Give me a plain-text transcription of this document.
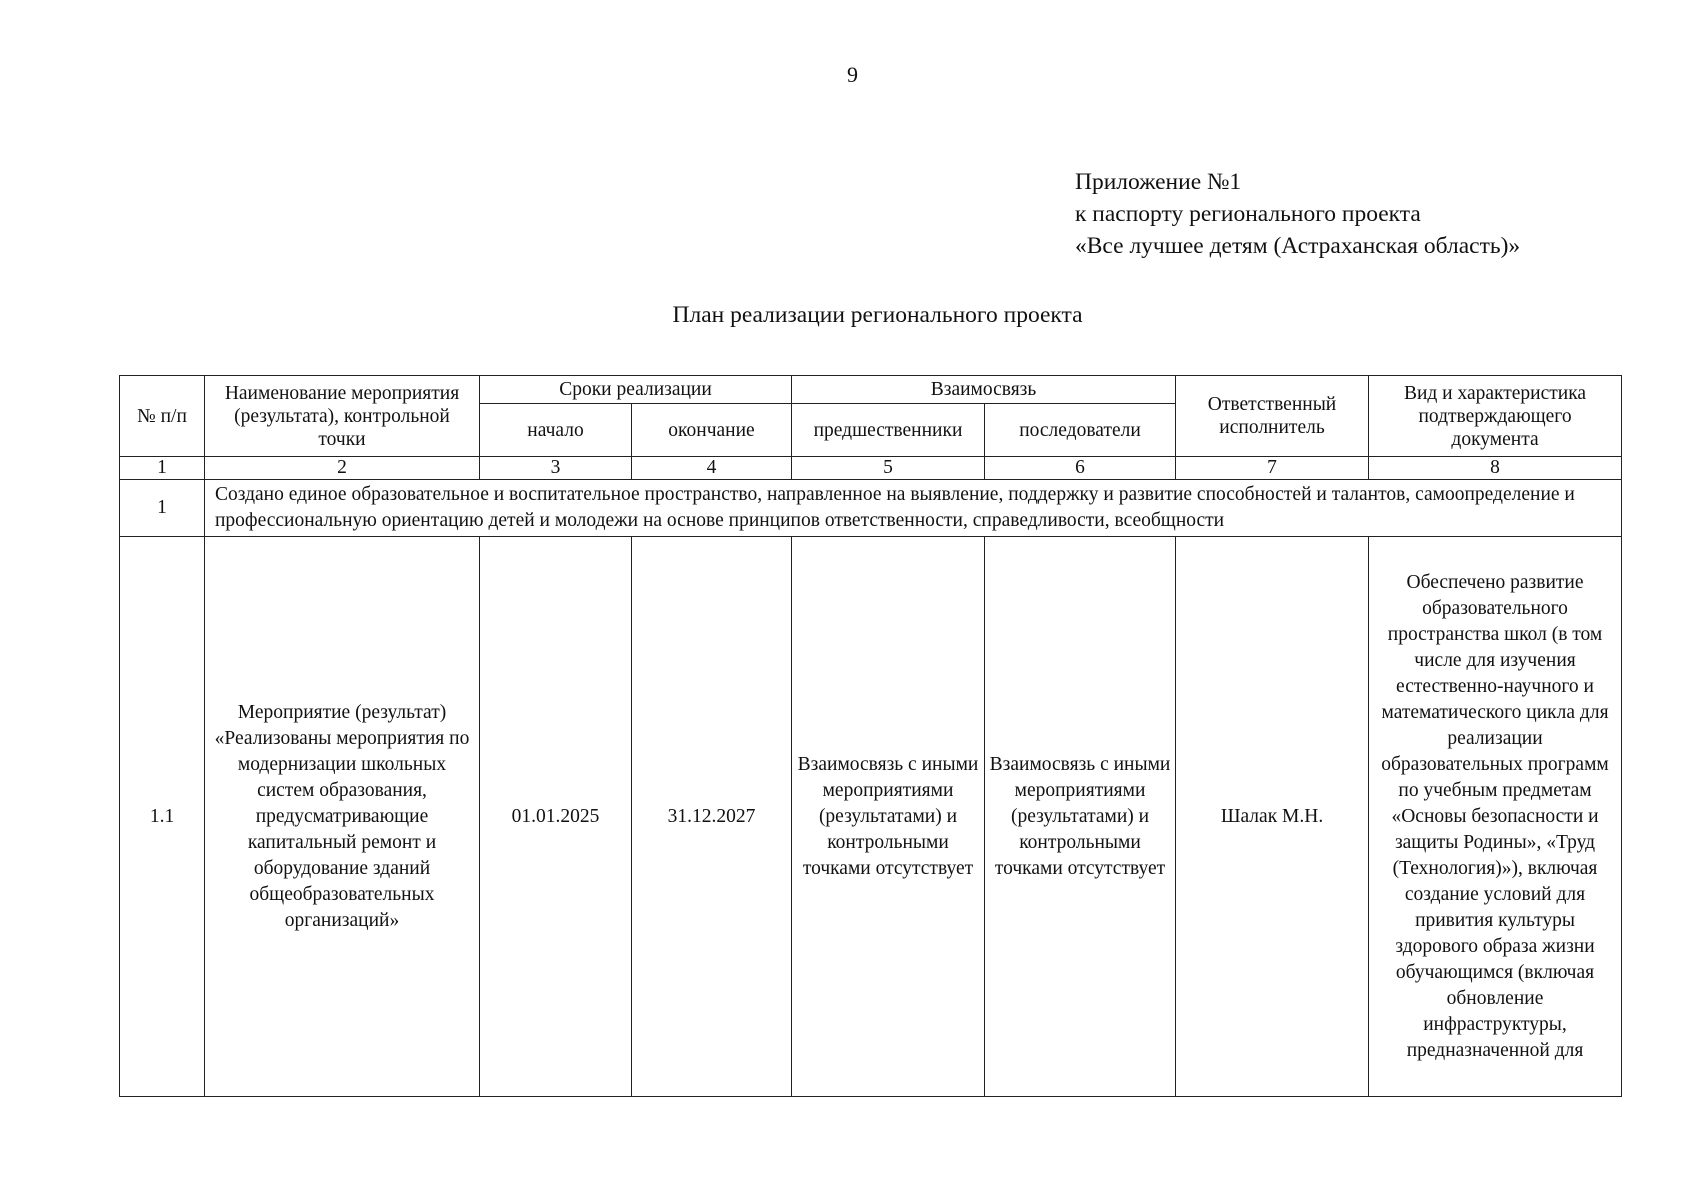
9
Приложение №1
к паспорту регионального проекта
«Все лучшее детям (Астраханская область)»
План реализации регионального проекта
№ п/п	Наименование мероприятия (результата), контрольной точки	Сроки реализации		Взаимосвязь		Ответственный исполнитель	Вид и характеристика подтверждающего документа
		начало	окончание	предшественники	последователи		
1	2	3	4	5	6	7	8
1	Создано единое образовательное и воспитательное пространство, направленное на выявление, поддержку и развитие способностей и талантов, самоопределение и профессиональную ориентацию детей и молодежи на основе принципов ответственности, справедливости, всеобщности						
1.1	Мероприятие (результат) «Реализованы мероприятия по модернизации школьных систем образования, предусматривающие капитальный ремонт и оборудование зданий общеобразовательных организаций»	01.01.2025	31.12.2027	Взаимосвязь с иными мероприятиями (результатами) и контрольными точками отсутствует	Взаимосвязь с иными мероприятиями (результатами) и контрольными точками отсутствует	Шалак М.Н.	Обеспечено развитие образовательного пространства школ (в том числе для изучения естественно-научного и математического цикла для реализации образовательных программ по учебным предметам «Основы безопасности и защиты Родины», «Труд (Технология)»), включая создание условий для привития культуры здорового образа жизни обучающимся (включая обновление инфраструктуры, предназначенной для
